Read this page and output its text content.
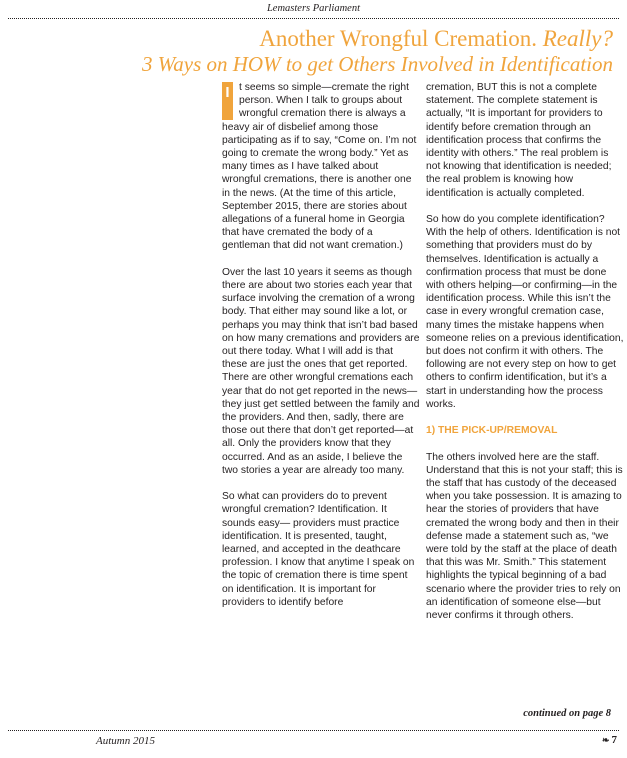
Lemasters Parliament
Another Wrongful Cremation. Really?
3 Ways on HOW to get Others Involved in Identification

I t seems so simple—cremate the right person. When I talk to groups about wrongful cremation there is always a heavy air of disbelief among those participating as if to say, “Come on. I’m not going to cremate the wrong body.” Yet as many times as I have talked about wrongful cremations, there is another one in the news. (At the time of this article, September 2015, there are stories about allegations of a funeral home in Georgia that have cremated the body of a gentleman that did not want cremation.)

Over the last 10 years it seems as though there are about two stories each year that surface involving the cremation of a wrong body. That either may sound like a lot, or perhaps you may think that isn’t bad based on how many cremations and providers are out there today. What I will add is that these are just the ones that get reported. There are other wrongful cremations each year that do not get reported in the news—they just get settled between the family and the providers. And then, sadly, there are those out there that don’t get reported—at all. Only the providers know that they occurred. And as an aside, I believe the two stories a year are already too many.

So what can providers do to prevent wrongful cremation? Identification. It sounds easy— providers must practice identification. It is presented, taught, learned, and accepted in the deathcare profession. I know that anytime I speak on the topic of cremation there is time spent on identification. It is important for providers to identify before

cremation, BUT this is not a complete statement. The complete statement is actually, “It is important for providers to identify before cremation through an identification process that confirms the identity with others.” The real problem is not knowing that identification is needed; the real problem is knowing how identification is actually completed.

So how do you complete identification? With the help of others. Identification is not something that providers must do by themselves. Identification is actually a confirmation process that must be done with others helping—or confirming—in the identification process. While this isn’t the case in every wrongful cremation case, many times the mistake happens when someone relies on a previous identification, but does not confirm it with others. The following are not every step on how to get others to confirm identification, but it’s a start in understanding how the process works.

1) THE PICK-UP/REMOVAL

The others involved here are the staff. Understand that this is not your staff; this is the staff that has custody of the deceased when you take possession. It is amazing to hear the stories of providers that have cremated the wrong body and then in their defense made a statement such as, “we were told by the staff at the place of death that this was Mr. Smith.” This statement highlights the typical beginning of a bad scenario where the provider tries to rely on an identification of someone else—but never confirms it through others.

continued on page 8
Autumn 2015	❧ 7
